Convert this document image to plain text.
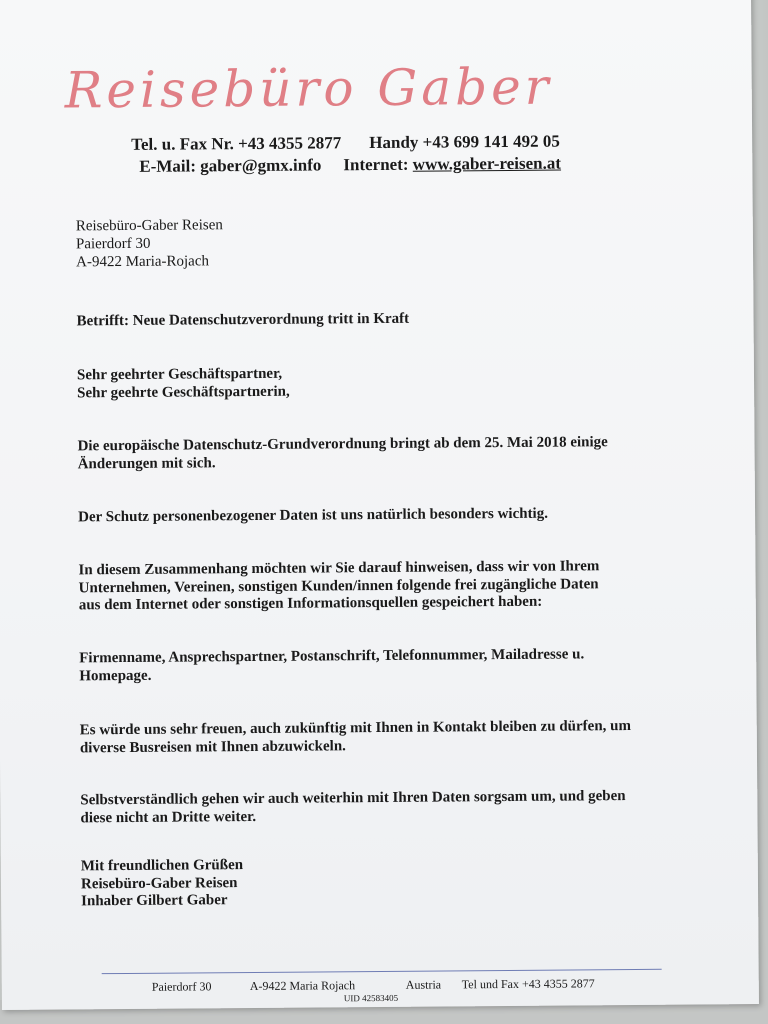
Reisebüro Gaber
Tel. u. Fax Nr. +43 4355 2877 Handy +43 699 141 492 05
E-Mail: gaber@gmx.info Internet: www.gaber-reisen.at
Reisebüro-Gaber Reisen
Paierdorf 30
A-9422 Maria-Rojach
Betrifft: Neue Datenschutzverordnung tritt in Kraft

Sehr geehrter Geschäftspartner,

Sehr geehrte Geschäftspartnerin,

Die europäische Datenschutz-Grundverordnung bringt ab dem 25. Mai 2018 einige

Änderungen mit sich.

Der Schutz personenbezogener Daten ist uns natürlich besonders wichtig.

In diesem Zusammenhang möchten wir Sie darauf hinweisen, dass wir von Ihrem

Unternehmen, Vereinen, sonstigen Kunden/innen folgende frei zugängliche Daten

aus dem Internet oder sonstigen Informationsquellen gespeichert haben:

Firmenname, Ansprechspartner, Postanschrift, Telefonnummer, Mailadresse u.

Homepage.

Es würde uns sehr freuen, auch zukünftig mit Ihnen in Kontakt bleiben zu dürfen, um

diverse Busreisen mit Ihnen abzuwickeln.

Selbstverständlich gehen wir auch weiterhin mit Ihren Daten sorgsam um, und geben

diese nicht an Dritte weiter.

Mit freundlichen Grüßen

Reisebüro-Gaber Reisen

Inhaber Gilbert Gaber

Paierdorf 30	A-9422 Maria Rojach	Austria Tel und Fax +43 4355 2877
UID 42583405
